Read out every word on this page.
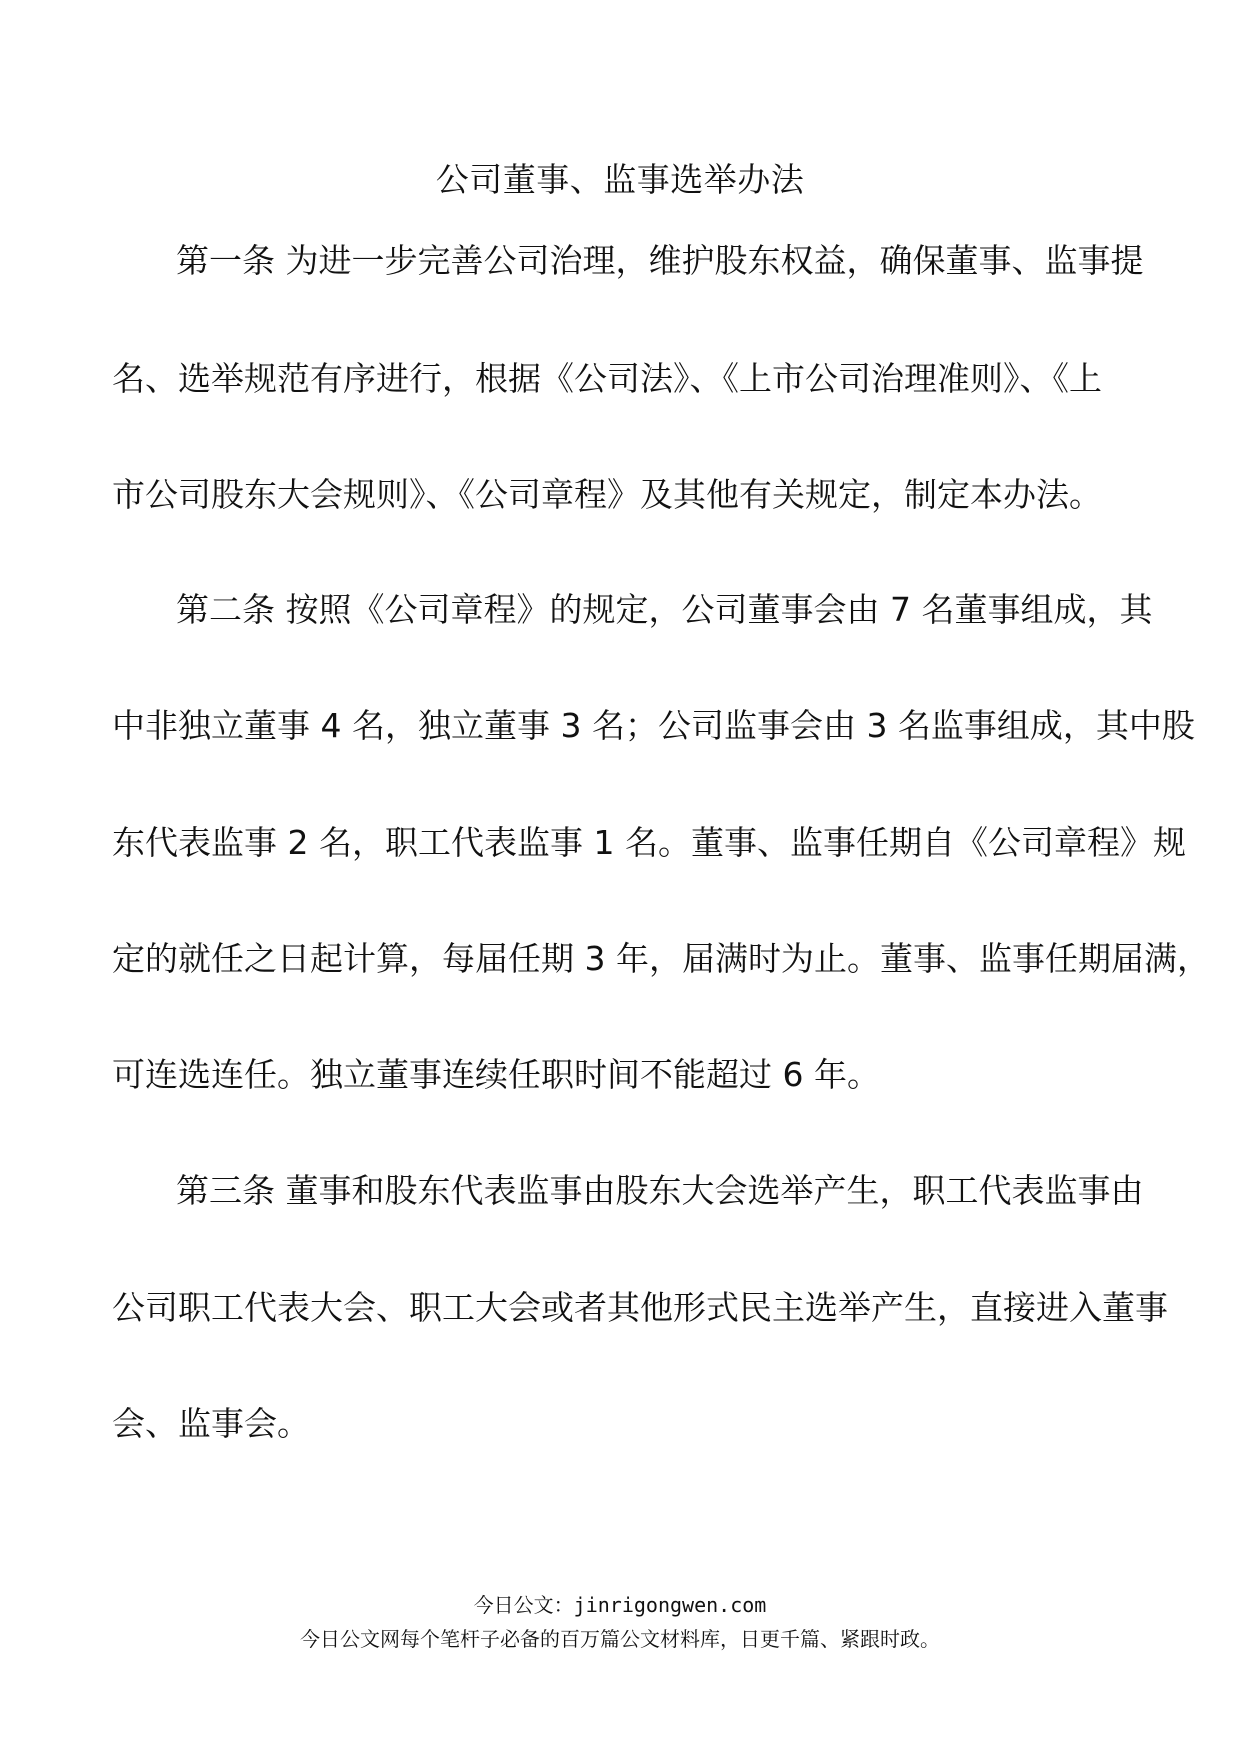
公司董事、监事选举办法
第一条 为进一步完善公司治理，维护股东权益，确保董事、监事提
名、选举规范有序进行，根据《公司法》、《上市公司治理准则》、《上
市公司股东大会规则》、《公司章程》及其他有关规定，制定本办法。
第二条 按照《公司章程》的规定，公司董事会由 7 名董事组成，其
中非独立董事 4 名，独立董事 3 名；公司监事会由 3 名监事组成，其中股
东代表监事 2 名，职工代表监事 1 名。董事、监事任期自《公司章程》规
定的就任之日起计算，每届任期 3 年，届满时为止。董事、监事任期届满，
可连选连任。独立董事连续任职时间不能超过 6 年。
第三条 董事和股东代表监事由股东大会选举产生，职工代表监事由
公司职工代表大会、职工大会或者其他形式民主选举产生，直接进入董事
会、监事会。
今日公文：jinrigongwen.com
今日公文网每个笔杆子必备的百万篇公文材料库，日更千篇、紧跟时政。
